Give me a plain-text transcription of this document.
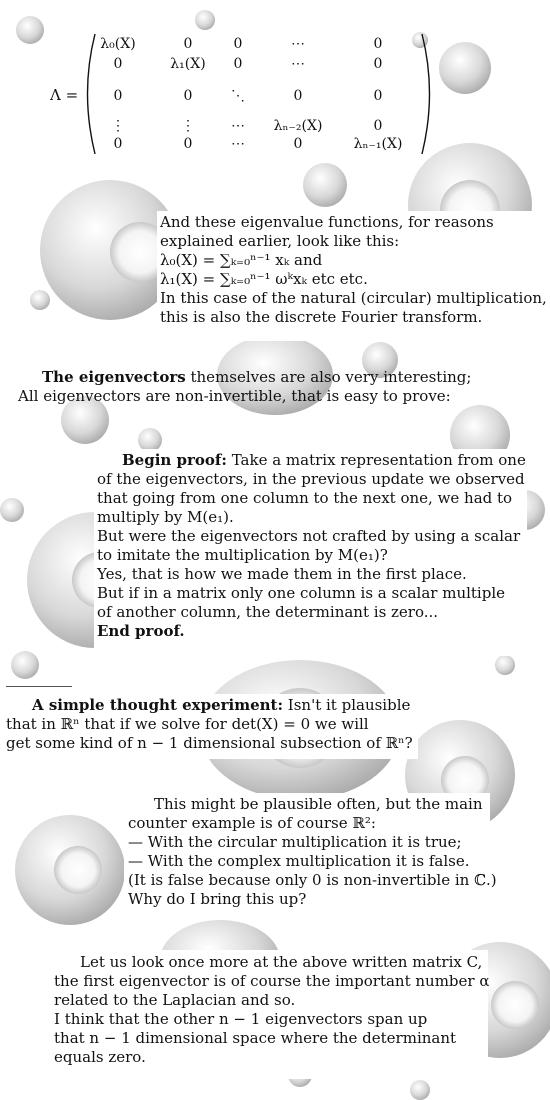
Λ =
λ₀(X)	0	0	⋯	0
0	λ₁(X)	0	⋯	0
0	0	⋱	0	0
⋮	⋮	⋯	λₙ₋₂(X)	0
0	0	⋯	0	λₙ₋₁(X)
And these eigenvalue functions, for reasons
explained earlier, look like this:
λ₀(X) = ∑ₖ₌₀ⁿ⁻¹ xₖ and
λ₁(X) = ∑ₖ₌₀ⁿ⁻¹ ωᵏxₖ etc etc.
In this case of the natural (circular) multiplication,
this is also the discrete Fourier transform.
The eigenvectors themselves are also very interesting;
All eigenvectors are non-invertible, that is easy to prove:
Begin proof: Take a matrix representation from one
of the eigenvectors, in the previous update we observed
that going from one column to the next one, we had to
multiply by M(e₁).
But were the eigenvectors not crafted by using a scalar
to imitate the multiplication by M(e₁)?
Yes, that is how we made them in the first place.
But if in a matrix only one column is a scalar multiple
of another column, the determinant is zero...
End proof.
A simple thought experiment: Isn't it plausible
that in ℝⁿ that if we solve for det(X) = 0 we will
get some kind of n − 1 dimensional subsection of ℝⁿ?
This might be plausible often, but the main
counter example is of course ℝ²:
— With the circular multiplication it is true;
— With the complex multiplication it is false.
(It is false because only 0 is non-invertible in ℂ.)
Why do I bring this up?
Let us look once more at the above written matrix C,
the first eigenvector is of course the important number α
related to the Laplacian and so.
I think that the other n − 1 eigenvectors span up
that n − 1 dimensional space where the determinant
equals zero.
